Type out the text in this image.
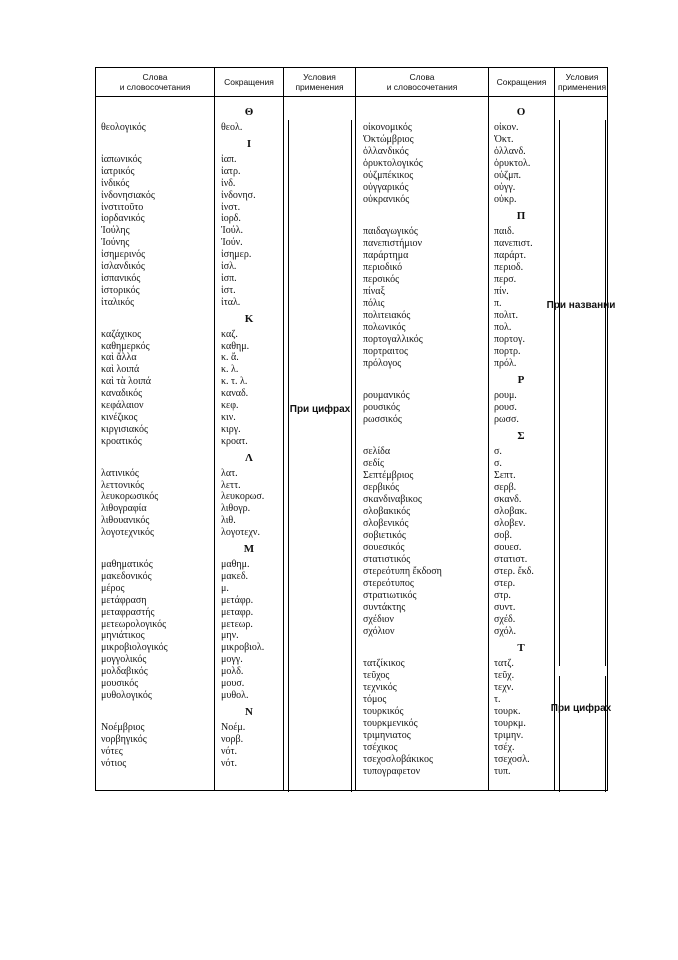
Слова
и словосочетания	Сокращения	Условия
применения
Слова
и словосочетания	Сокращения	Условия
применения
При цифрах
При названии
При цифрах
Θ
θεολογικός	θεολ.
Ι
ἰαπωνικός	ἰαπ.
ἰατρικός	ἰατρ.
ἰνδικός	ἰνδ.
ἰνδονησιακός	ἰνδονησ.
ἰνστιτοῦτο	ἰνστ.
ἰορδανικός	ἰορδ.
Ἰούλης	Ἰούλ.
Ἰούνης	Ἰούν.
ἰσημερινός	ἰσημερ.
ἰσλανδικός	ἰσλ.
ἰσπανικός	ἰσπ.
ἱστορικός	ἱστ.
ἰταλικός	ἰταλ.
Κ
καζάχικος	καζ.
καθημερκός	καθημ.
καὶ ἄλλα	κ. ἄ.
καὶ λοιπά	κ. λ.
καὶ τὰ λοιπά	κ. τ. λ.
καναδικός	καναδ.
κεφάλαιον	κεφ.
κινέζικος	κιν.
κιργισιακός	κιργ.
κροατικός	κροατ.
Λ
λατινικός	λατ.
λεττονικός	λεττ.
λευκορωσικός	λευκορωσ.
λιθογραφία	λιθογρ.
λιθουανικός	λιθ.
λογοτεχνικός	λογοτεχν.
Μ
μαθηματικός	μαθημ.
μακεδονικός	μακεδ.
μέρος	μ.
μετάφραση	μετάφρ.
μεταφραστής	μεταφρ.
μετεωρολογικός	μετεωρ.
μηνιάτικος	μην.
μικροβιολογικός	μικροβιολ.
μογγολικός	μογγ.
μολδαβικός	μολδ.
μουσικός	μουσ.
μυθολογικός	μυθολ.
Ν
Νοέμβριος	Νοέμ.
νορβηγικός	νορβ.
νότες	νότ.
νότιος	νότ.
Ο
οἰκονομικός	οἰκον.
Ὀκτώμβριος	Ὀκτ.
ὁλλανδικός	ὁλλανδ.
ὀρυκτολογικός	ὀρυκτολ.
οὐζμπέκικος	οὐζμπ.
οὐγγαρικός	οὐγγ.
οὐκρανικός	οὐκρ.
Π
παιδαγωγικός	παιδ.
πανεπιστήμιον	πανεπιστ.
παράρτημα	παράρτ.
περιοδικό	περιοδ.
περσικός	περσ.
πίναξ	πίν.
πόλις	π.
πολιτειακός	πολιτ.
πολωνικός	πολ.
πορτογαλλικός	πορτογ.
πορτραιτος	πορτρ.
πρόλογος	πρόλ.
Ρ
ρουμανικός	ρουμ.
ρουσικός	ρουσ.
ρωσσικός	ρωσσ.
Σ
σελίδα	σ.
σεδίς	σ.
Σεπτέμβριος	Σεπτ.
σερβικός	σερβ.
σκανδιναβικος	σκανδ.
σλοβακικός	σλοβακ.
σλοβενικός	σλοβεν.
σοβιετικός	σοβ.
σουεσικός	σουεσ.
στατιστικός	στατιστ.
στερεότυπη ἔκδοση	στερ. ἔκδ.
στερεότυπος	στερ.
στρατιωτικός	στρ.
συντάκτης	συντ.
σχέδιον	σχέδ.
σχόλιον	σχόλ.
Τ
τατζίκικος	τατζ.
τεῦχος	τεῦχ.
τεχνικός	τεχν.
τόμος	τ.
τουρκικός	τουρκ.
τουρκμενικός	τουρκμ.
τριμηνιατος	τριμην.
τσέχικος	τσέχ.
τσεχοσλοβάκικος	τσεχοσλ.
τυπογραφετον	τυπ.
